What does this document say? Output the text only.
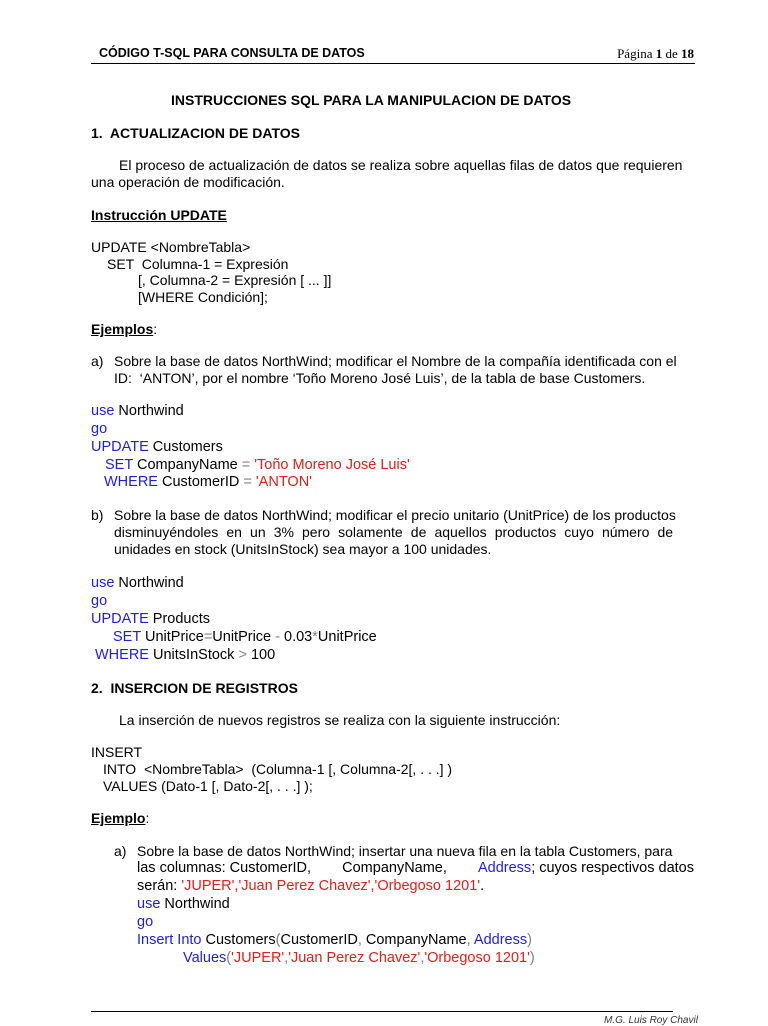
CÓDIGO T-SQL PARA CONSULTA DE DATOS	Página 1 de 18
INSTRUCCIONES SQL PARA LA MANIPULACION DE DATOS
1.  ACTUALIZACION DE DATOS
El proceso de actualización de datos se realiza sobre aquellas filas de datos que requieren
una operación de modificación.
Instrucción UPDATE
UPDATE <NombreTabla>
SET  Columna-1 = Expresión
[, Columna-2 = Expresión [ ... ]]
[WHERE Condición];
Ejemplos:
a) Sobre la base de datos NorthWind; modificar el Nombre de la compañía identificada con el
ID:  ‘ANTON’, por el nombre ‘Toño Moreno José Luis’, de la tabla de base Customers.
use Northwind
go
UPDATE Customers
SET CompanyName = 'Toño Moreno José Luis'
WHERE CustomerID = 'ANTON'
b) Sobre la base de datos NorthWind; modificar el precio unitario (UnitPrice) de los productos
disminuyéndoles en un 3% pero solamente de aquellos productos cuyo número de
unidades en stock (UnitsInStock) sea mayor a 100 unidades.
use Northwind
go
UPDATE Products
SET UnitPrice=UnitPrice - 0.03*UnitPrice
WHERE UnitsInStock > 100
2.  INSERCION DE REGISTROS
La inserción de nuevos registros se realiza con la siguiente instrucción:
INSERT
INTO  <NombreTabla>  (Columna-1 [, Columna-2[, . . .] )
VALUES (Dato-1 [, Dato-2[, . . .] );
Ejemplo:
a) Sobre la base de datos NorthWind; insertar una nueva fila en la tabla Customers, para
las columnas: CustomerID, CompanyName, Address; cuyos respectivos datos
serán: 'JUPER','Juan Perez Chavez','Orbegoso 1201'.
use Northwind
go
Insert Into Customers(CustomerID, CompanyName, Address)
Values('JUPER','Juan Perez Chavez','Orbegoso 1201')
M.G. Luis Roy Chavil
